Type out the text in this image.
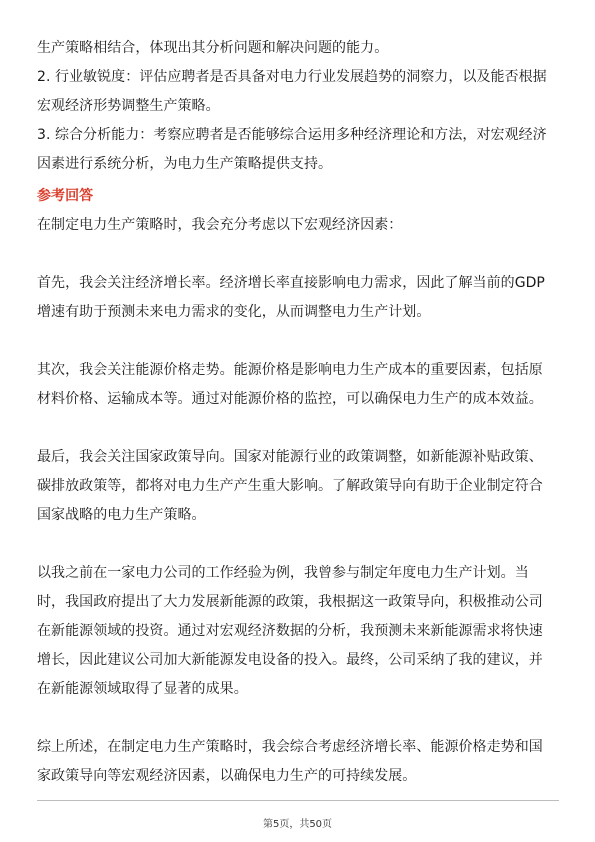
生产策略相结合，体现出其分析问题和解决问题的能力。
2. 行业敏锐度：评估应聘者是否具备对电力行业发展趋势的洞察力，以及能否根据
宏观经济形势调整生产策略。
3. 综合分析能力：考察应聘者是否能够综合运用多种经济理论和方法，对宏观经济
因素进行系统分析，为电力生产策略提供支持。
参考回答
在制定电力生产策略时，我会充分考虑以下宏观经济因素：
首先，我会关注经济增长率。经济增长率直接影响电力需求，因此了解当前的GDP
增速有助于预测未来电力需求的变化，从而调整电力生产计划。
其次，我会关注能源价格走势。能源价格是影响电力生产成本的重要因素，包括原
材料价格、运输成本等。通过对能源价格的监控，可以确保电力生产的成本效益。
最后，我会关注国家政策导向。国家对能源行业的政策调整，如新能源补贴政策、
碳排放政策等，都将对电力生产产生重大影响。了解政策导向有助于企业制定符合
国家战略的电力生产策略。
以我之前在一家电力公司的工作经验为例，我曾参与制定年度电力生产计划。当
时，我国政府提出了大力发展新能源的政策，我根据这一政策导向，积极推动公司
在新能源领域的投资。通过对宏观经济数据的分析，我预测未来新能源需求将快速
增长，因此建议公司加大新能源发电设备的投入。最终，公司采纳了我的建议，并
在新能源领域取得了显著的成果。
综上所述，在制定电力生产策略时，我会综合考虑经济增长率、能源价格走势和国
家政策导向等宏观经济因素，以确保电力生产的可持续发展。
第5页，共50页
